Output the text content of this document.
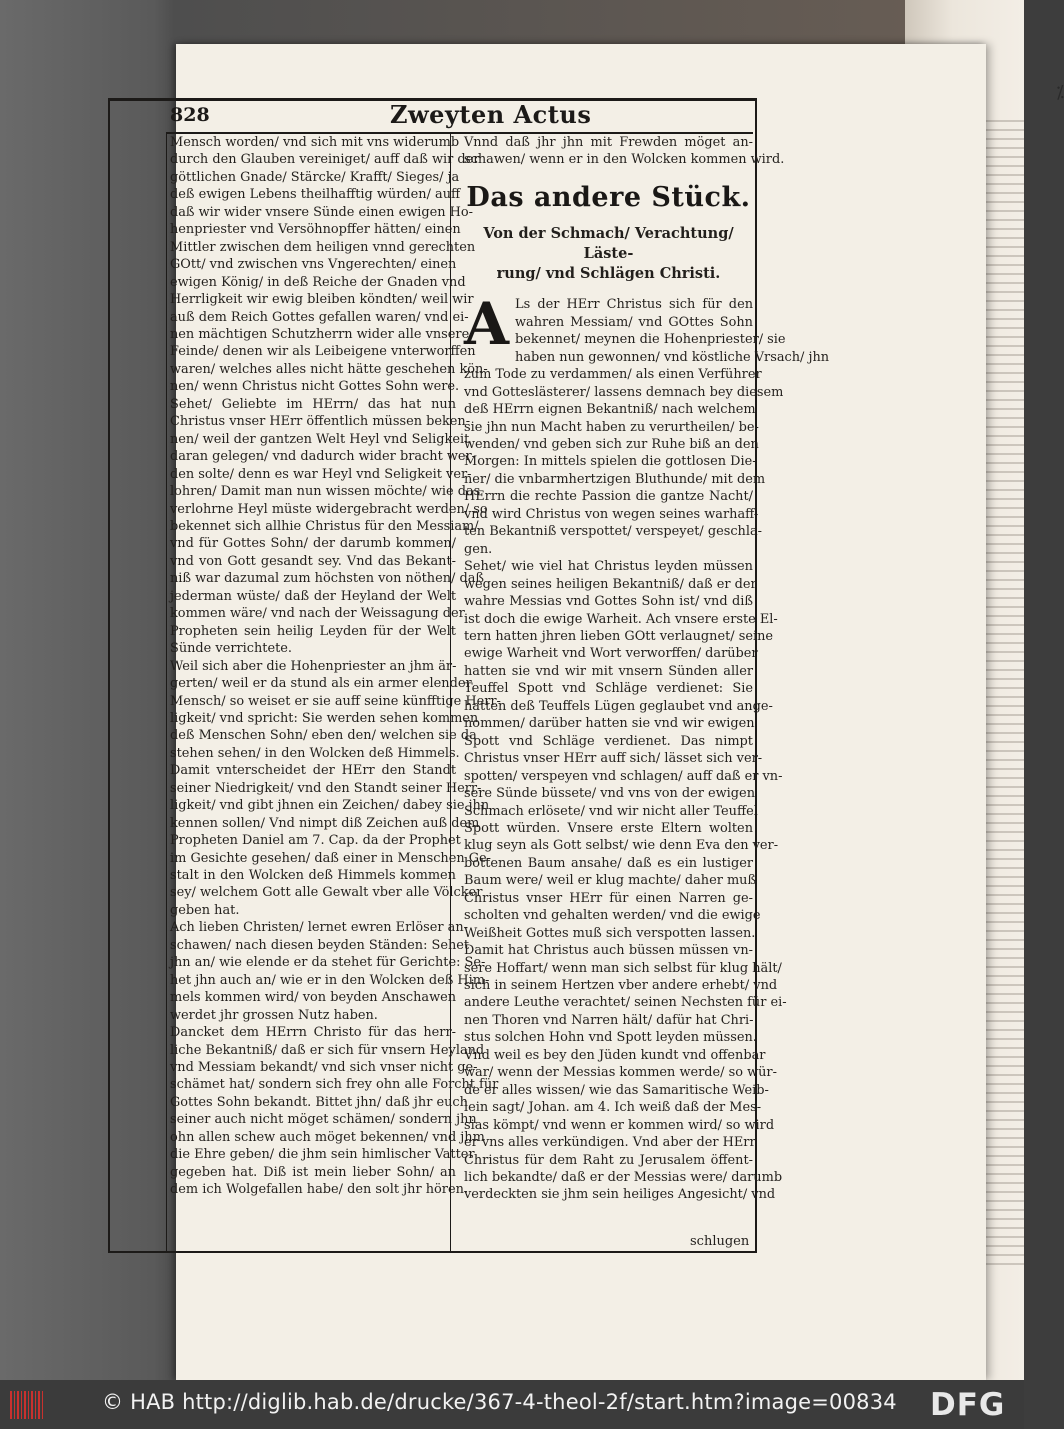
⁒
828	Zweyten Actus
Mensch worden/ vnd sich mit vns widerumb
durch den Glauben vereiniget/ auff daß wir der
göttlichen Gnade/ Stärcke/ Krafft/ Sieges/ ja
deß ewigen Lebens theilhafftig würden/ auff
daß wir wider vnsere Sünde einen ewigen Ho-
henpriester vnd Versöhnopffer hätten/ einen
Mittler zwischen dem heiligen vnnd gerechten
GOtt/ vnd zwischen vns Vngerechten/ einen
ewigen König/ in deß Reiche der Gnaden vnd
Herrligkeit wir ewig bleiben köndten/ weil wir
auß dem Reich Gottes gefallen waren/ vnd ei-
nen mächtigen Schutzherrn wider alle vnsere
Feinde/ denen wir als Leibeigene vnterworffen
waren/ welches alles nicht hätte geschehen kön-
nen/ wenn Christus nicht Gottes Sohn were.
Sehet/ Geliebte im HErrn/ das hat nun
Christus vnser HErr öffentlich müssen beken-
nen/ weil der gantzen Welt Heyl vnd Seligkeit
daran gelegen/ vnd dadurch wider bracht wer-
den solte/ denn es war Heyl vnd Seligkeit ver-
lohren/ Damit man nun wissen möchte/ wie das
verlohrne Heyl müste widergebracht werden/ so
bekennet sich allhie Christus für den Messiam/
vnd für Gottes Sohn/ der darumb kommen/
vnd von Gott gesandt sey. Vnd das Bekant-
niß war dazumal zum höchsten von nöthen/ daß
jederman wüste/ daß der Heyland der Welt
kommen wäre/ vnd nach der Weissagung der
Propheten sein heilig Leyden für der Welt
Sünde verrichtete.
Weil sich aber die Hohenpriester an jhm är-
gerten/ weil er da stund als ein armer elender
Mensch/ so weiset er sie auff seine künfftige Herr-
ligkeit/ vnd spricht: Sie werden sehen kommen
deß Menschen Sohn/ eben den/ welchen sie da
stehen sehen/ in den Wolcken deß Himmels.
Damit vnterscheidet der HErr den Standt
seiner Niedrigkeit/ vnd den Standt seiner Herr-
ligkeit/ vnd gibt jhnen ein Zeichen/ dabey sie jhn
kennen sollen/ Vnd nimpt diß Zeichen auß dem
Propheten Daniel am 7. Cap. da der Prophet
im Gesichte gesehen/ daß einer in Menschen Ge-
stalt in den Wolcken deß Himmels kommen
sey/ welchem Gott alle Gewalt vber alle Völcker
geben hat.
Ach lieben Christen/ lernet ewren Erlöser an-
schawen/ nach diesen beyden Ständen: Sehet
jhn an/ wie elende er da stehet für Gerichte: Se-
het jhn auch an/ wie er in den Wolcken deß Him-
mels kommen wird/ von beyden Anschawen
werdet jhr grossen Nutz haben.
Dancket dem HErrn Christo für das herr-
liche Bekantniß/ daß er sich für vnsern Heyland
vnd Messiam bekandt/ vnd sich vnser nicht ge-
schämet hat/ sondern sich frey ohn alle Forcht für
Gottes Sohn bekandt. Bittet jhn/ daß jhr euch
seiner auch nicht möget schämen/ sondern jhn
ohn allen schew auch möget bekennen/ vnd jhm
die Ehre geben/ die jhm sein himlischer Vatter
gegeben hat. Diß ist mein lieber Sohn/ an
dem ich Wolgefallen habe/ den solt jhr hören.
Vnnd daß jhr jhn mit Frewden möget an-
schawen/ wenn er in den Wolcken kommen wird.
Das andere Stück.
Von der Schmach/ Verachtung/ Läste-
rung/ vnd Schlägen Christi.
A Ls der HErr Christus sich für den
wahren Messiam/ vnd GOttes Sohn
bekennet/ meynen die Hohenpriester/ sie
haben nun gewonnen/ vnd köstliche Vrsach/ jhn
zum Tode zu verdammen/ als einen Verführer
vnd Gotteslästerer/ lassens demnach bey diesem
deß HErrn eignen Bekantniß/ nach welchem
sie jhn nun Macht haben zu verurtheilen/ be-
wenden/ vnd geben sich zur Ruhe biß an den
Morgen: In mittels spielen die gottlosen Die-
ner/ die vnbarmhertzigen Bluthunde/ mit dem
HErrn die rechte Passion die gantze Nacht/
vnd wird Christus von wegen seines warhaff-
ten Bekantniß verspottet/ verspeyet/ geschla-
gen.
Sehet/ wie viel hat Christus leyden müssen
wegen seines heiligen Bekantniß/ daß er der
wahre Messias vnd Gottes Sohn ist/ vnd diß
ist doch die ewige Warheit. Ach vnsere erste El-
tern hatten jhren lieben GOtt verlaugnet/ seine
ewige Warheit vnd Wort verworffen/ darüber
hatten sie vnd wir mit vnsern Sünden aller
Teuffel Spott vnd Schläge verdienet: Sie
hatten deß Teuffels Lügen geglaubet vnd ange-
nommen/ darüber hatten sie vnd wir ewigen
Spott vnd Schläge verdienet. Das nimpt
Christus vnser HErr auff sich/ lässet sich ver-
spotten/ verspeyen vnd schlagen/ auff daß er vn-
sere Sünde büssete/ vnd vns von der ewigen
Schmach erlösete/ vnd wir nicht aller Teuffel
Spott würden. Vnsere erste Eltern wolten
klug seyn als Gott selbst/ wie denn Eva den ver-
bottenen Baum ansahe/ daß es ein lustiger
Baum were/ weil er klug machte/ daher muß
Christus vnser HErr für einen Narren ge-
scholten vnd gehalten werden/ vnd die ewige
Weißheit Gottes muß sich verspotten lassen.
Damit hat Christus auch büssen müssen vn-
sere Hoffart/ wenn man sich selbst für klug hält/
sich in seinem Hertzen vber andere erhebt/ vnd
andere Leuthe verachtet/ seinen Nechsten für ei-
nen Thoren vnd Narren hält/ dafür hat Chri-
stus solchen Hohn vnd Spott leyden müssen.
Vnd weil es bey den Jüden kundt vnd offenbar
war/ wenn der Messias kommen werde/ so wür-
de er alles wissen/ wie das Samaritische Weib-
lein sagt/ Johan. am 4. Ich weiß daß der Mes-
sias kömpt/ vnd wenn er kommen wird/ so wird
er vns alles verkündigen. Vnd aber der HErr
Christus für dem Raht zu Jerusalem öffent-
lich bekandte/ daß er der Messias were/ darumb
verdeckten sie jhm sein heiliges Angesicht/ vnd
schlugen
© HAB http://diglib.hab.de/drucke/367-4-theol-2f/start.htm?image=00834 DFG
